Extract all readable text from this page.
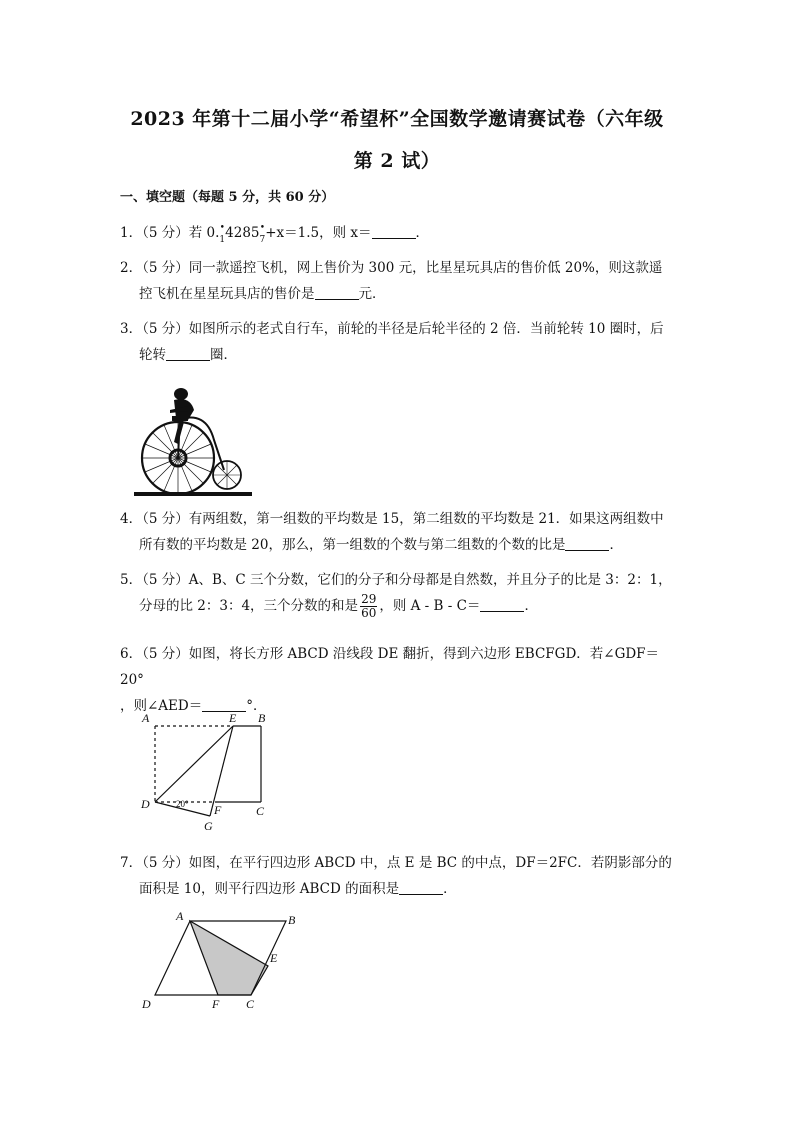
2023 年第十二届小学“希望杯”全国数学邀请赛试卷（六年级
第 2 试）
一、填空题（每题 5 分，共 60 分）
1．（5 分）若 0.• 14285• 7+x＝1.5，则 x＝	．
2．（5 分）同一款遥控飞机，网上售价为 300 元，比星星玩具店的售价低 20%，则这款遥
控飞机在星星玩具店的售价是	元．
3．（5 分）如图所示的老式自行车，前轮的半径是后轮半径的 2 倍．当前轮转 10 圈时，后
轮转	圈．
4．（5 分）有两组数，第一组数的平均数是 15，第二组数的平均数是 21．如果这两组数中
所有数的平均数是 20，那么，第一组数的个数与第二组数的个数的比是	．
5．（5 分）A、B、C 三个分数，它们的分子和分母都是自然数，并且分子的比是 3：2：1，
分母的比 2：3：4，三个分数的和是 $\frac{29}{60}$ ，则 A - B - C＝	．
6．（5 分）如图，将长方形 ABCD 沿线段 DE 翻折，得到六边形 EBCFGD．若∠GDF＝20°
，则∠AED＝	°．
A	E B
D	F	C
G
20°
7．（5 分）如图，在平行四边形 ABCD 中，点 E 是 BC 的中点，DF＝2FC．若阴影部分的
面积是 10，则平行四边形 ABCD 的面积是	．
A	B
E
D	F C
